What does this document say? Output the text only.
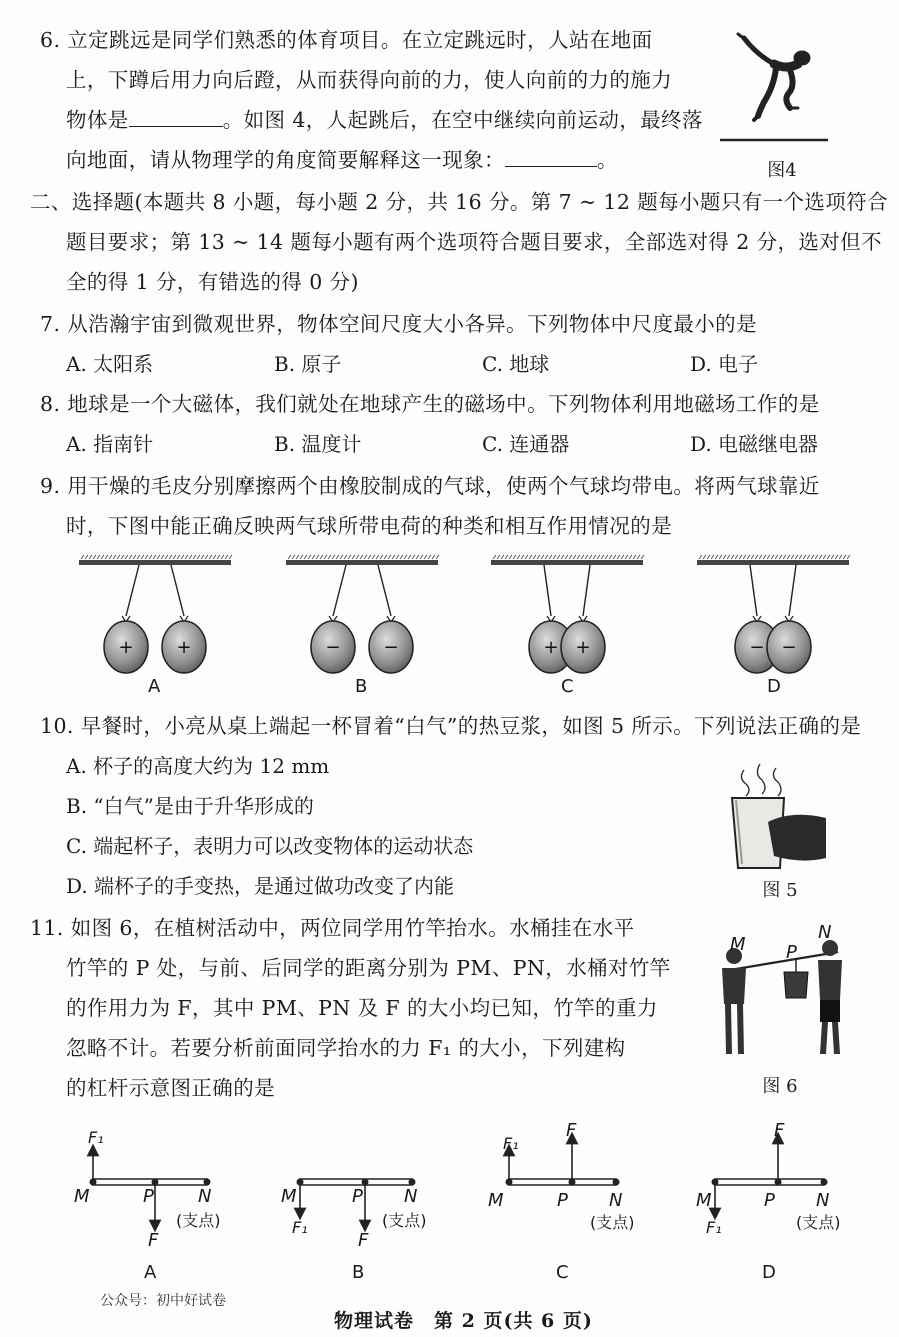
6. 立定跳远是同学们熟悉的体育项目。在立定跳远时，人站在地面
上，下蹲后用力向后蹬，从而获得向前的力，使人向前的力的施力
物体是	。如图 4，人起跳后，在空中继续向前运动，最终落
向地面，请从物理学的角度简要解释这一现象：	。	图4
二、选择题(本题共 8 小题，每小题 2 分，共 16 分。第 7 ~ 12 题每小题只有一个选项符合
题目要求；第 13 ~ 14 题每小题有两个选项符合题目要求，全部选对得 2 分，选对但不
全的得 1 分，有错选的得 0 分)
7. 从浩瀚宇宙到微观世界，物体空间尺度大小各异。下列物体中尺度最小的是
A. 太阳系	B. 原子	C. 地球	D. 电子
8. 地球是一个大磁体，我们就处在地球产生的磁场中。下列物体利用地磁场工作的是
A. 指南针	B. 温度计	C. 连通器	D. 电磁继电器
9. 用干燥的毛皮分别摩擦两个由橡胶制成的气球，使两个气球均带电。将两气球靠近
时，下图中能正确反映两气球所带电荷的种类和相互作用情况的是
+ +	− −	+ +	− −
A	B	C	D
10. 早餐时，小亮从桌上端起一杯冒着“白气”的热豆浆，如图 5 所示。下列说法正确的是
A. 杯子的高度大约为 12 mm
B. “白气”是由于升华形成的
C. 端起杯子，表明力可以改变物体的运动状态
D. 端杯子的手变热，是通过做功改变了内能	图 5
11. 如图 6，在植树活动中，两位同学用竹竿抬水。水桶挂在水平
竹竿的 P 处，与前、后同学的距离分别为 PM、PN，水桶对竹竿
的作用力为 F，其中 PM、PN 及 F 的大小均已知，竹竿的重力
忽略不计。若要分析前面同学抬水的力 F₁ 的大小，下列建构
的杠杆示意图正确的是
M P
N
图 6
F₁
M	P N
(支点)
F
A
M	P N
(支点)
F₁
F
B
F₁
F
M	P N
(支点)
C
F
M	P N
(支点)
F₁
D
公众号：初中好试卷
物理试卷　第 2 页(共 6 页)
